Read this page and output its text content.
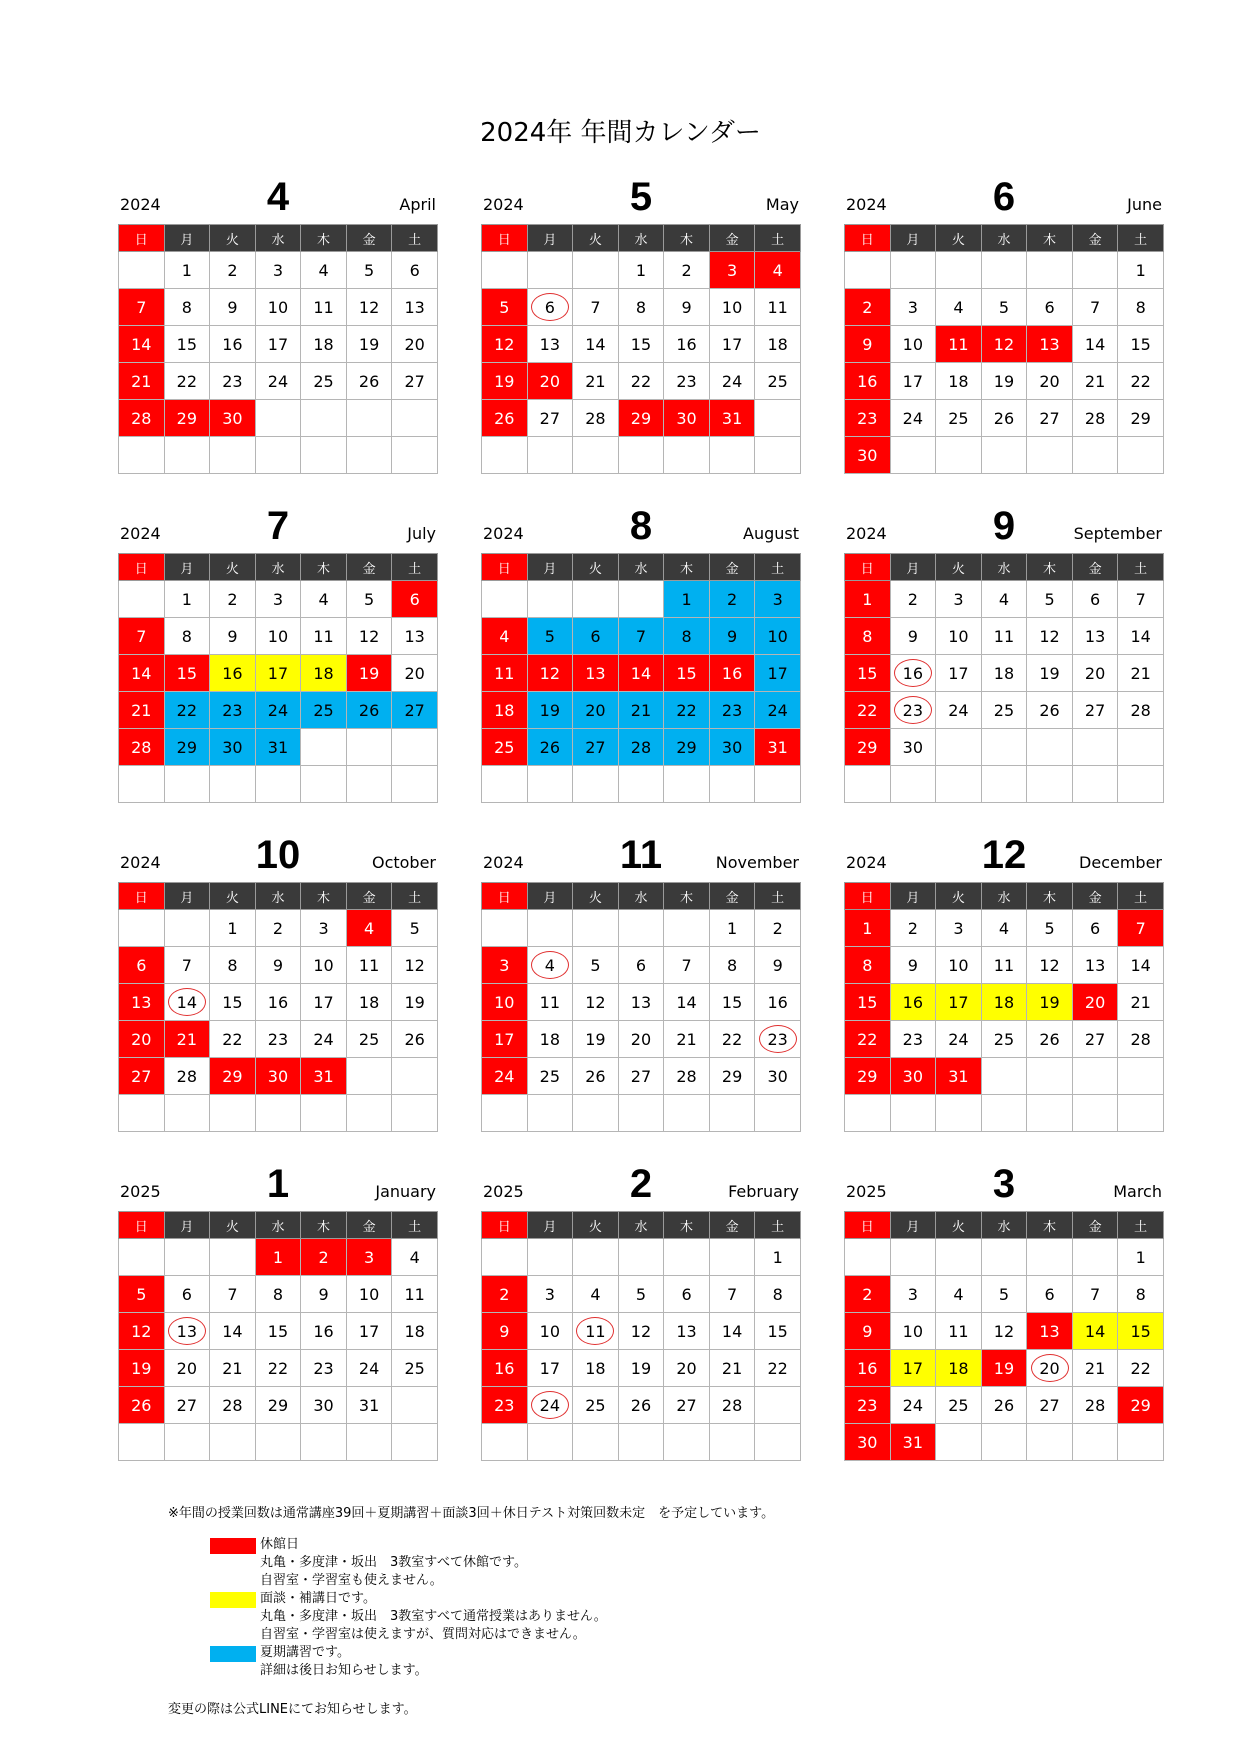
2024年 年間カレンダー
2024	4	April
日	月	火	水	木	金	土
	1	2	3	4	5	6
7	8	9	10	11	12	13
14	15	16	17	18	19	20
21	22	23	24	25	26	27
28	29	30				

2024	5	May
日	月	火	水	木	金	土
			1	2	3	4
5	6	7	8	9	10	11
12	13	14	15	16	17	18
19	20	21	22	23	24	25
26	27	28	29	30	31	

2024	6	June
日	月	火	水	木	金	土
						1
2	3	4	5	6	7	8
9	10	11	12	13	14	15
16	17	18	19	20	21	22
23	24	25	26	27	28	29
30						
2024	7	July
日	月	火	水	木	金	土
	1	2	3	4	5	6
7	8	9	10	11	12	13
14	15	16	17	18	19	20
21	22	23	24	25	26	27
28	29	30	31			

2024	8	August
日	月	火	水	木	金	土
				1	2	3
4	5	6	7	8	9	10
11	12	13	14	15	16	17
18	19	20	21	22	23	24
25	26	27	28	29	30	31

2024	9	September
日	月	火	水	木	金	土
1	2	3	4	5	6	7
8	9	10	11	12	13	14
15	16	17	18	19	20	21
22	23	24	25	26	27	28
29	30					

2024	10	October
日	月	火	水	木	金	土
		1	2	3	4	5
6	7	8	9	10	11	12
13	14	15	16	17	18	19
20	21	22	23	24	25	26
27	28	29	30	31		

2024	11	November
日	月	火	水	木	金	土
					1	2
3	4	5	6	7	8	9
10	11	12	13	14	15	16
17	18	19	20	21	22	23
24	25	26	27	28	29	30

2024	12	December
日	月	火	水	木	金	土
1	2	3	4	5	6	7
8	9	10	11	12	13	14
15	16	17	18	19	20	21
22	23	24	25	26	27	28
29	30	31				

2025	1	January
日	月	火	水	木	金	土
			1	2	3	4
5	6	7	8	9	10	11
12	13	14	15	16	17	18
19	20	21	22	23	24	25
26	27	28	29	30	31	

2025	2	February
日	月	火	水	木	金	土
						1
2	3	4	5	6	7	8
9	10	11	12	13	14	15
16	17	18	19	20	21	22
23	24	25	26	27	28	

2025	3	March
日	月	火	水	木	金	土
						1
2	3	4	5	6	7	8
9	10	11	12	13	14	15
16	17	18	19	20	21	22
23	24	25	26	27	28	29
30	31					
※年間の授業回数は通常講座39回＋夏期講習＋面談3回＋休日テスト対策回数未定　を予定しています。
休館日
丸亀・多度津・坂出　3教室すべて休館です。
自習室・学習室も使えません。
面談・補講日です。
丸亀・多度津・坂出　3教室すべて通常授業はありません。
自習室・学習室は使えますが、質問対応はできません。
夏期講習です。
詳細は後日お知らせします。
変更の際は公式LINEにてお知らせします。
